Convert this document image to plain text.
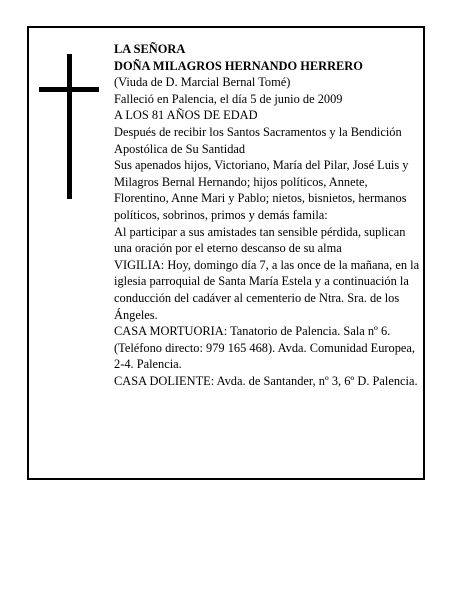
LA SEÑORA

DOÑA MILAGROS HERNANDO HERRERO

(Viuda de D. Marcial Bernal Tomé)

Falleció en Palencia, el día 5 de junio de 2009

A LOS 81 AÑOS DE EDAD

Después de recibir los Santos Sacramentos y la Bendición Apostólica de Su Santidad

Sus apenados hijos, Victoriano, María del Pilar, José Luis y Milagros Bernal Hernando; hijos políticos, Annete, Florentino, Anne Mari y Pablo; nietos, bisnietos, hermanos políticos, sobrinos, primos y demás famila:

Al participar a sus amistades tan sensible pérdida, suplican una oración por el eterno descanso de su alma

VIGILIA: Hoy, domingo día 7, a las once de la mañana, en la iglesia parroquial de Santa María Estela y a continuación la conducción del cadáver al cementerio de Ntra. Sra. de los Ángeles.

CASA MORTUORIA: Tanatorio de Palencia. Sala nº 6. (Teléfono directo: 979 165 468). Avda. Comunidad Europea, 2-4. Palencia.

CASA DOLIENTE: Avda. de Santander, nº 3, 6º D. Palencia.
